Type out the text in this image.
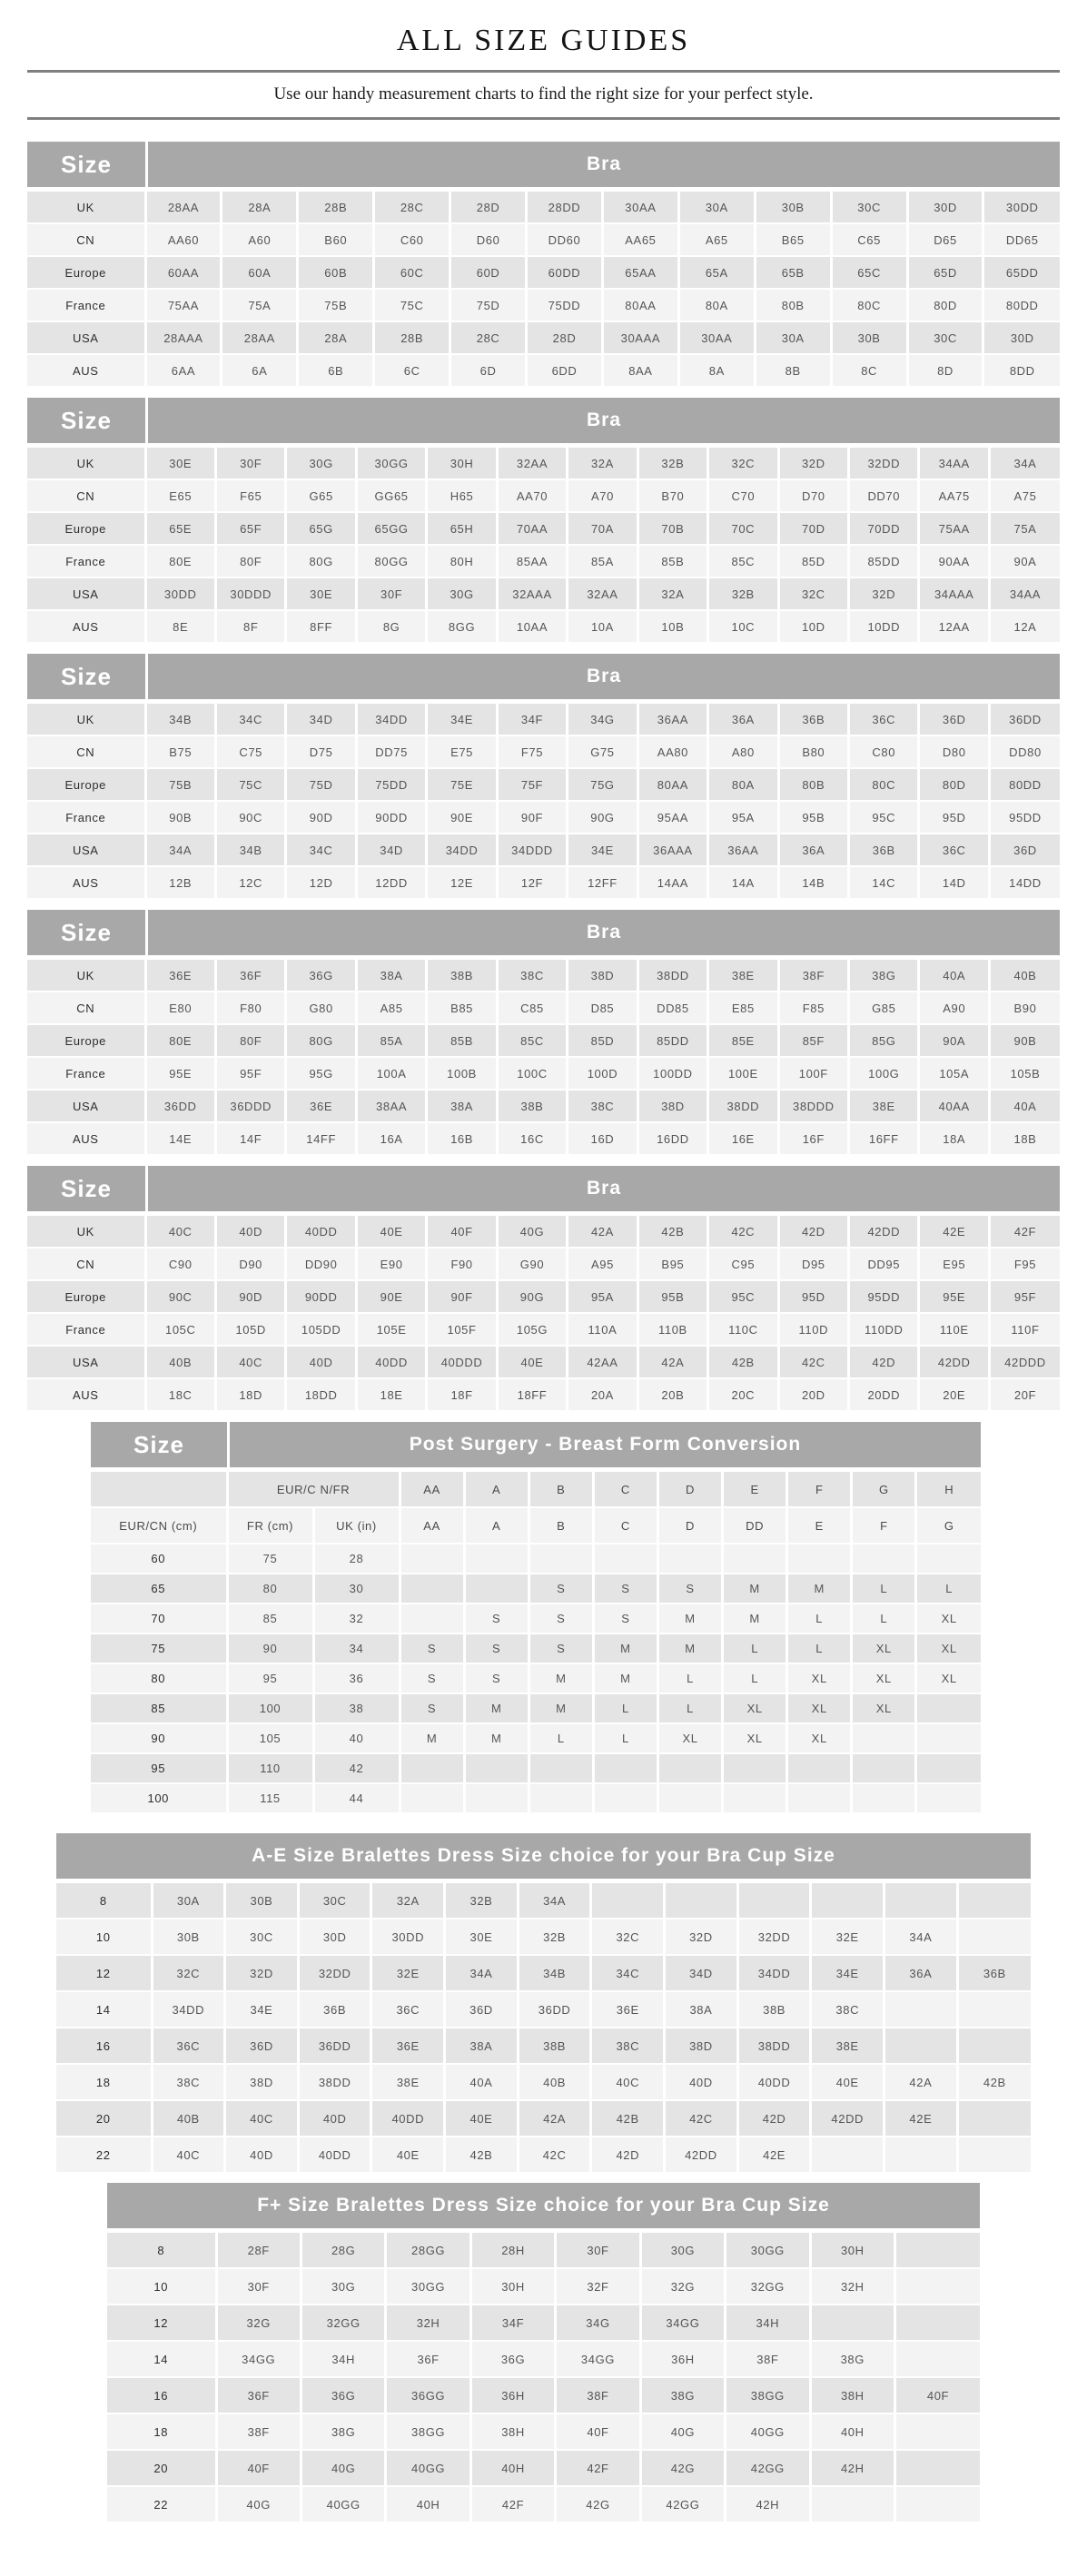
ALL SIZE GUIDES

Use our handy measurement charts to find the right size for your perfect style.

Size	Bra
UK	28AA	28A	28B	28C	28D	28DD	30AA	30A	30B	30C	30D	30DD
CN	AA60	A60	B60	C60	D60	DD60	AA65	A65	B65	C65	D65	DD65
Europe	60AA	60A	60B	60C	60D	60DD	65AA	65A	65B	65C	65D	65DD
France	75AA	75A	75B	75C	75D	75DD	80AA	80A	80B	80C	80D	80DD
USA	28AAA	28AA	28A	28B	28C	28D	30AAA	30AA	30A	30B	30C	30D
AUS	6AA	6A	6B	6C	6D	6DD	8AA	8A	8B	8C	8D	8DD
Size	Bra
UK	30E	30F	30G	30GG	30H	32AA	32A	32B	32C	32D	32DD	34AA	34A
CN	E65	F65	G65	GG65	H65	AA70	A70	B70	C70	D70	DD70	AA75	A75
Europe	65E	65F	65G	65GG	65H	70AA	70A	70B	70C	70D	70DD	75AA	75A
France	80E	80F	80G	80GG	80H	85AA	85A	85B	85C	85D	85DD	90AA	90A
USA	30DD	30DDD	30E	30F	30G	32AAA	32AA	32A	32B	32C	32D	34AAA	34AA
AUS	8E	8F	8FF	8G	8GG	10AA	10A	10B	10C	10D	10DD	12AA	12A
Size	Bra
UK	34B	34C	34D	34DD	34E	34F	34G	36AA	36A	36B	36C	36D	36DD
CN	B75	C75	D75	DD75	E75	F75	G75	AA80	A80	B80	C80	D80	DD80
Europe	75B	75C	75D	75DD	75E	75F	75G	80AA	80A	80B	80C	80D	80DD
France	90B	90C	90D	90DD	90E	90F	90G	95AA	95A	95B	95C	95D	95DD
USA	34A	34B	34C	34D	34DD	34DDD	34E	36AAA	36AA	36A	36B	36C	36D
AUS	12B	12C	12D	12DD	12E	12F	12FF	14AA	14A	14B	14C	14D	14DD
Size	Bra
UK	36E	36F	36G	38A	38B	38C	38D	38DD	38E	38F	38G	40A	40B
CN	E80	F80	G80	A85	B85	C85	D85	DD85	E85	F85	G85	A90	B90
Europe	80E	80F	80G	85A	85B	85C	85D	85DD	85E	85F	85G	90A	90B
France	95E	95F	95G	100A	100B	100C	100D	100DD	100E	100F	100G	105A	105B
USA	36DD	36DDD	36E	38AA	38A	38B	38C	38D	38DD	38DDD	38E	40AA	40A
AUS	14E	14F	14FF	16A	16B	16C	16D	16DD	16E	16F	16FF	18A	18B
Size	Bra
UK	40C	40D	40DD	40E	40F	40G	42A	42B	42C	42D	42DD	42E	42F
CN	C90	D90	DD90	E90	F90	G90	A95	B95	C95	D95	DD95	E95	F95
Europe	90C	90D	90DD	90E	90F	90G	95A	95B	95C	95D	95DD	95E	95F
France	105C	105D	105DD	105E	105F	105G	110A	110B	110C	110D	110DD	110E	110F
USA	40B	40C	40D	40DD	40DDD	40E	42AA	42A	42B	42C	42D	42DD	42DDD
AUS	18C	18D	18DD	18E	18F	18FF	20A	20B	20C	20D	20DD	20E	20F
Size	Post Surgery - Breast Form Conversion
	EUR/C N/FR		AA	A	B	C	D	E	F	G	H
EUR/CN (cm)	FR (cm)	UK (in)	AA	A	B	C	D	DD	E	F	G
60	75	28									
65	80	30			S	S	S	M	M	L	L
70	85	32		S	S	S	M	M	L	L	XL
75	90	34	S	S	S	M	M	L	L	XL	XL
80	95	36	S	S	M	M	L	L	XL	XL	XL
85	100	38	S	M	M	L	L	XL	XL	XL	
90	105	40	M	M	L	L	XL	XL	XL		
95	110	42									
100	115	44									
A-E Size Bralettes Dress Size choice for your Bra Cup Size
8	30A	30B	30C	32A	32B	34A						
10	30B	30C	30D	30DD	30E	32B	32C	32D	32DD	32E	34A	
12	32C	32D	32DD	32E	34A	34B	34C	34D	34DD	34E	36A	36B
14	34DD	34E	36B	36C	36D	36DD	36E	38A	38B	38C		
16	36C	36D	36DD	36E	38A	38B	38C	38D	38DD	38E		
18	38C	38D	38DD	38E	40A	40B	40C	40D	40DD	40E	42A	42B
20	40B	40C	40D	40DD	40E	42A	42B	42C	42D	42DD	42E	
22	40C	40D	40DD	40E	42B	42C	42D	42DD	42E			
F+ Size Bralettes Dress Size choice for your Bra Cup Size
8	28F	28G	28GG	28H	30F	30G	30GG	30H	
10	30F	30G	30GG	30H	32F	32G	32GG	32H	
12	32G	32GG	32H	34F	34G	34GG	34H		
14	34GG	34H	36F	36G	34GG	36H	38F	38G	
16	36F	36G	36GG	36H	38F	38G	38GG	38H	40F
18	38F	38G	38GG	38H	40F	40G	40GG	40H	
20	40F	40G	40GG	40H	42F	42G	42GG	42H	
22	40G	40GG	40H	42F	42G	42GG	42H		
